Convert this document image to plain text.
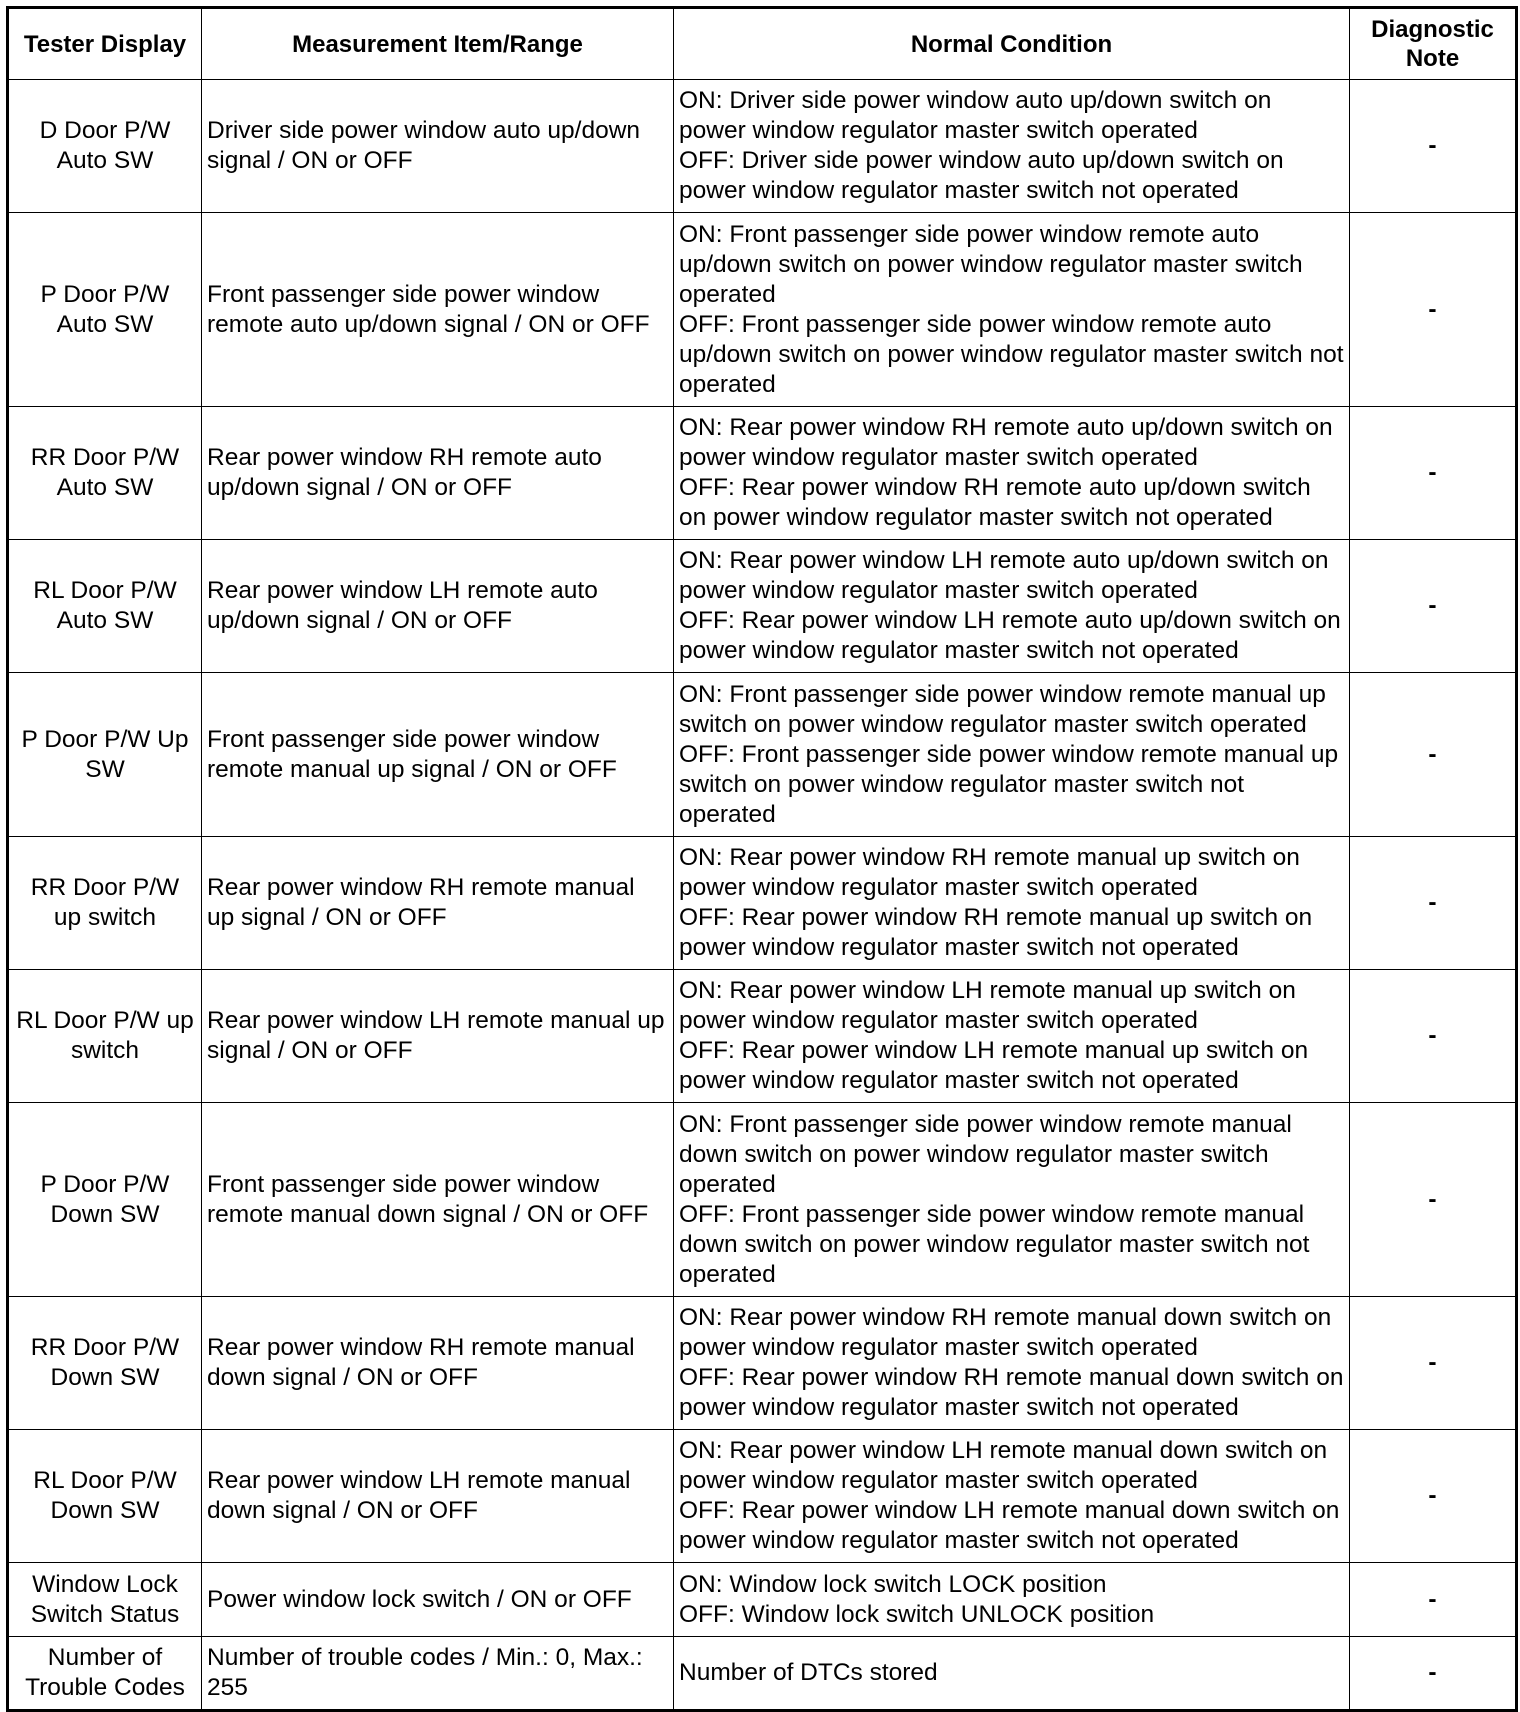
Tester Display	Measurement Item/Range	Normal Condition	Diagnostic Note
D Door P/W Auto SW	Driver side power window auto up/down signal / ON or OFF	ON: Driver side power window auto up/down switch on power window regulator master switch operated
OFF: Driver side power window auto up/down switch on power window regulator master switch not operated	-
P Door P/W Auto SW	Front passenger side power window remote auto up/down signal / ON or OFF	ON: Front passenger side power window remote auto up/down switch on power window regulator master switch operated
OFF: Front passenger side power window remote auto up/down switch on power window regulator master switch not operated	-
RR Door P/W Auto SW	Rear power window RH remote auto up/down signal / ON or OFF	ON: Rear power window RH remote auto up/down switch on power window regulator master switch operated
OFF: Rear power window RH remote auto up/down switch on power window regulator master switch not operated	-
RL Door P/W Auto SW	Rear power window LH remote auto up/down signal / ON or OFF	ON: Rear power window LH remote auto up/down switch on power window regulator master switch operated
OFF: Rear power window LH remote auto up/down switch on power window regulator master switch not operated	-
P Door P/W Up SW	Front passenger side power window remote manual up signal / ON or OFF	ON: Front passenger side power window remote manual up switch on power window regulator master switch operated
OFF: Front passenger side power window remote manual up switch on power window regulator master switch not operated	-
RR Door P/W up switch	Rear power window RH remote manual up signal / ON or OFF	ON: Rear power window RH remote manual up switch on power window regulator master switch operated
OFF: Rear power window RH remote manual up switch on power window regulator master switch not operated	-
RL Door P/W up switch	Rear power window LH remote manual up signal / ON or OFF	ON: Rear power window LH remote manual up switch on power window regulator master switch operated
OFF: Rear power window LH remote manual up switch on power window regulator master switch not operated	-
P Door P/W Down SW	Front passenger side power window remote manual down signal / ON or OFF	ON: Front passenger side power window remote manual down switch on power window regulator master switch operated
OFF: Front passenger side power window remote manual down switch on power window regulator master switch not operated	-
RR Door P/W Down SW	Rear power window RH remote manual down signal / ON or OFF	ON: Rear power window RH remote manual down switch on power window regulator master switch operated
OFF: Rear power window RH remote manual down switch on power window regulator master switch not operated	-
RL Door P/W Down SW	Rear power window LH remote manual down signal / ON or OFF	ON: Rear power window LH remote manual down switch on power window regulator master switch operated
OFF: Rear power window LH remote manual down switch on power window regulator master switch not operated	-
Window Lock Switch Status	Power window lock switch / ON or OFF	ON: Window lock switch LOCK position
OFF: Window lock switch UNLOCK position	-
Number of Trouble Codes	Number of trouble codes / Min.: 0, Max.: 255	Number of DTCs stored	-
